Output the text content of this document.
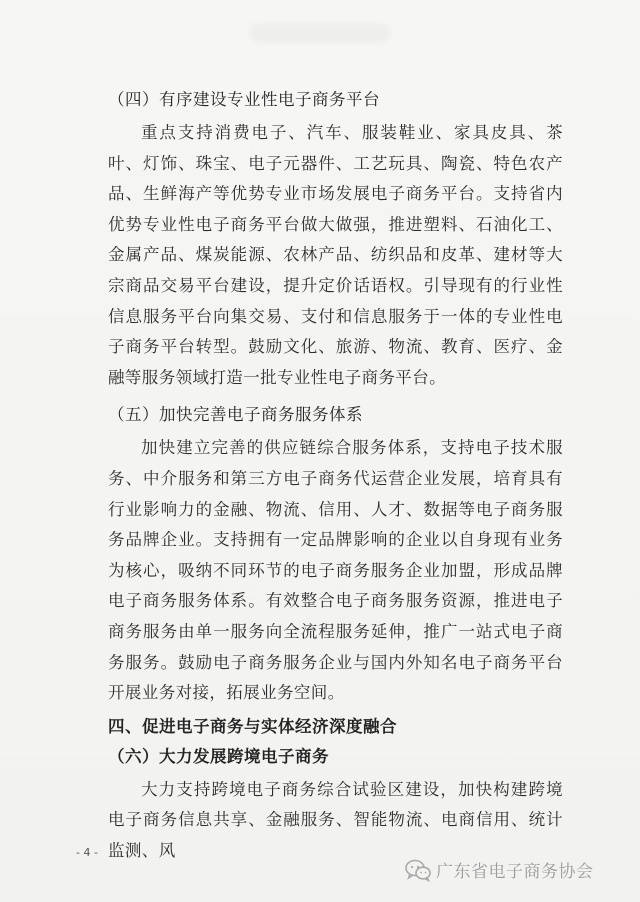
（四）有序建设专业性电子商务平台

重点支持消费电子、汽车、服装鞋业、家具皮具、茶叶、灯饰、珠宝、电子元器件、工艺玩具、陶瓷、特色农产品、生鲜海产等优势专业市场发展电子商务平台。支持省内优势专业性电子商务平台做大做强，推进塑料、石油化工、金属产品、煤炭能源、农林产品、纺织品和皮革、建材等大宗商品交易平台建设，提升定价话语权。引导现有的行业性信息服务平台向集交易、支付和信息服务于一体的专业性电子商务平台转型。鼓励文化、旅游、物流、教育、医疗、金融等服务领域打造一批专业性电子商务平台。

（五）加快完善电子商务服务体系

加快建立完善的供应链综合服务体系，支持电子技术服务、中介服务和第三方电子商务代运营企业发展，培育具有行业影响力的金融、物流、信用、人才、数据等电子商务服务品牌企业。支持拥有一定品牌影响的企业以自身现有业务为核心，吸纳不同环节的电子商务服务企业加盟，形成品牌电子商务服务体系。有效整合电子商务服务资源，推进电子商务服务由单一服务向全流程服务延伸，推广一站式电子商务服务。鼓励电子商务服务企业与国内外知名电子商务平台开展业务对接，拓展业务空间。

四、促进电子商务与实体经济深度融合

（六）大力发展跨境电子商务

大力支持跨境电子商务综合试验区建设，加快构建跨境电子商务信息共享、金融服务、智能物流、电商信用、统计监测、风

- 4 -
广东省电子商务协会
